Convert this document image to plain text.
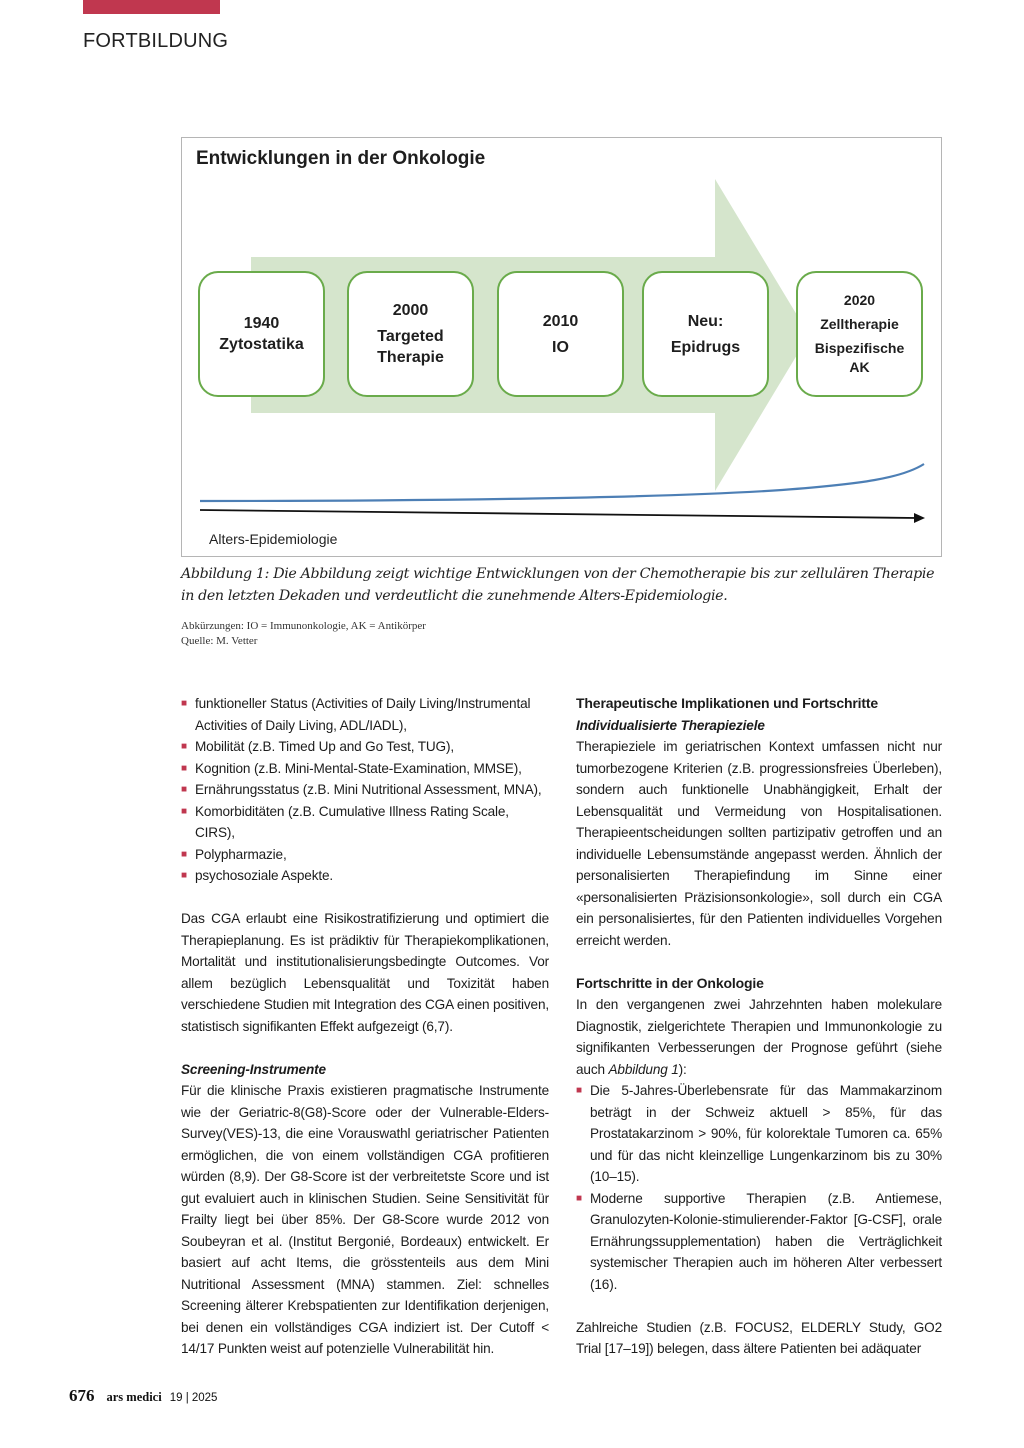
FORTBILDUNG
Entwicklungen in der Onkologie
1940
Zytostatika
2000
Targeted
Therapie
2010
IO
Neu:
Epidrugs
2020
Zelltherapie
Bispezifische
AK
Alters-Epidemiologie
Abbildung 1: Die Abbildung zeigt wichtige Entwicklungen von der Chemotherapie bis zur zellulären Therapie in den letzten Dekaden und verdeutlicht die zunehmende Alters-Epidemiologie.
Abkürzungen: IO = Immunonkologie, AK = Antikörper
Quelle: M. Vetter
■ funktioneller Status (Activities of Daily Living/Instrumental Activities of Daily Living, ADL/IADL),
■ Mobilität (z.B. Timed Up and Go Test, TUG),
■ Kognition (z.B. Mini-Mental-State-Examination, MMSE),
■ Ernährungsstatus (z.B. Mini Nutritional Assessment, MNA),
■ Komorbiditäten (z.B. Cumulative Illness Rating Scale, CIRS),
■ Polypharmazie,
■ psychosoziale Aspekte.

Das CGA erlaubt eine Risikostratifizierung und optimiert die Therapieplanung. Es ist prädiktiv für Therapiekomplikationen, Mortalität und institutionalisierungsbedingte Outcomes. Vor allem bezüglich Lebensqualität und Toxizität haben verschiedene Studien mit Integration des CGA einen positiven, statistisch signifikanten Effekt aufgezeigt (6,7).

Screening-Instrumente

Für die klinische Praxis existieren pragmatische Instrumente wie der Geriatric-8(G8)-Score oder der Vulnerable-Elders-Survey(VES)-13, die eine Vorauswathl geriatrischer Patienten ermöglichen, die von einem vollständigen CGA profitieren würden (8,9). Der G8-Score ist der verbreitetste Score und ist gut evaluiert auch in klinischen Studien. Seine Sensitivität für Frailty liegt bei über 85%. Der G8-Score wurde 2012 von Soubeyran et al. (Institut Bergonié, Bordeaux) entwickelt. Er basiert auf acht Items, die grösstenteils aus dem Mini Nutritional Assessment (MNA) stammen. Ziel: schnelles Screening älterer Krebspatienten zur Identifikation derjenigen, bei denen ein vollständiges CGA indiziert ist. Der Cutoff < 14/17 Punkten weist auf potenzielle Vulnerabilität hin.

Therapeutische Implikationen und Fortschritte
Individualisierte Therapieziele

Therapieziele im geriatrischen Kontext umfassen nicht nur tumorbezogene Kriterien (z.B. progressionsfreies Überleben), sondern auch funktionelle Unabhängigkeit, Erhalt der Lebensqualität und Vermeidung von Hospitalisationen. Therapieentscheidungen sollten partizipativ getroffen und an individuelle Lebensumstände angepasst werden. Ähnlich der personalisierten Therapiefindung im Sinne einer «personalisierten Präzisionsonkologie», soll durch ein CGA ein personalisiertes, für den Patienten individuelles Vorgehen erreicht werden.

Fortschritte in der Onkologie

In den vergangenen zwei Jahrzehnten haben molekulare Diagnostik, zielgerichtete Therapien und Immunonkologie zu signifikanten Verbesserungen der Prognose geführt (siehe auch Abbildung 1):

■ Die 5-Jahres-Überlebensrate für das Mammakarzinom beträgt in der Schweiz aktuell > 85%, für das Prostatakarzinom > 90%, für kolorektale Tumoren ca. 65% und für das nicht kleinzellige Lungenkarzinom bis zu 30% (10–15).

■ Moderne supportive Therapien (z.B. Antiemese, Granulozyten-Kolonie-stimulierender-Faktor [G-CSF], orale Ernährungssupplementation) haben die Verträglichkeit systemischer Therapien auch im höheren Alter verbessert (16).

Zahlreiche Studien (z.B. FOCUS2, ELDERLY Study, GO2 Trial [17–19]) belegen, dass ältere Patienten bei adäquater

676 ars medici 19 | 2025
